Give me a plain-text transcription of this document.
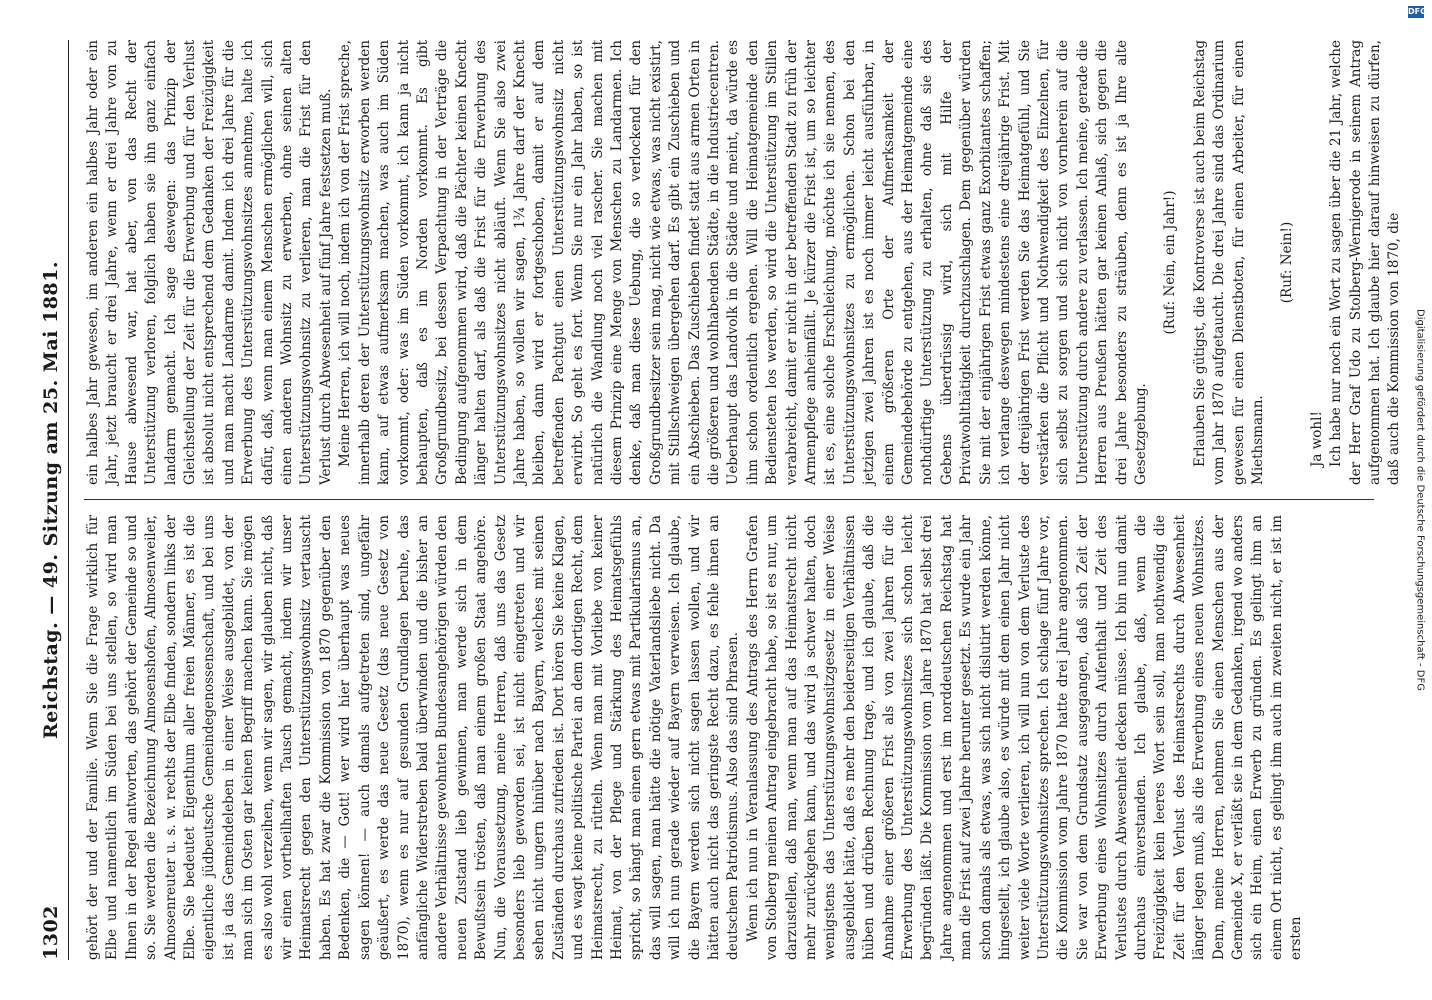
1302
Reichstag. — 49. Sitzung am 25. Mai 1881. gehört der und der Familie. Wenn Sie die Frage wirklich für Elbe und namentlich im Süden bei uns stellen, so wird man Ihnen in der Regel antworten, das gehört der Gemeinde so und so. Sie werden die Bezeichnung Almosenshofen, Almosenweiler, Almosenreuter u. s. w. rechts der Elbe finden, sondern links der Elbe. Sie bedeutet Eigenthum aller freien Männer, es ist die eigentliche jüdbeutsche Gemeindegenossenschaft, und bei uns ist ja das Gemeindeleben in einer Weise ausgebildet, von der man sich im Osten gar keinen Begriff machen kann. Sie mögen es also wohl verzeihen, wenn wir sagen, wir glauben nicht, daß wir einen vortheilhaften Tausch gemacht, indem wir unser Heimatsrecht gegen den Unterstützungswohnsitz vertauscht haben. Es hat zwar die Kommission von 1870 gegenüber den Bedenken, die — Gott! wer wird hier überhaupt was neues sagen können! — auch damals aufgetreten sind, ungefähr geäußert, es werde das neue Gesetz (das neue Gesetz von 1870), wenn es nur auf gesunden Grundlagen beruhe, das anfängliche Widerstreben bald überwinden und die bisher an andere Verhältnisse gewohnten Bundesangehörigen würden den neuen Zustand lieb gewinnen, man werde sich in dem Bewußtsein trösten, daß man einem großen Staat angehöre. Nun, die Voraussetzung, meine Herren, daß uns das Gesetz besonders lieb geworden sei, ist nicht eingetreten und wir sehen nicht ungern hinüber nach Bayern, welches mit seinen Zuständen durchaus zufrieden ist. Dort hören Sie keine Klagen, und es wagt keine politische Partei an dem dortigen Recht, dem Heimatsrecht, zu rütteln. Wenn man mit Vorliebe von keiner Heimat, von der Pflege und Stärkung des Heimatsgefühls spricht, so hängt man einen gern etwas mit Partikularismus an, das will sagen, man hätte die nötige Vaterlandsliebe nicht. Da will ich nun gerade wieder auf Bayern verweisen. Ich glaube, die Bayern werden sich nicht sagen lassen wollen, und wir hätten auch nicht das geringste Recht dazu, es fehle ihnen an deutschem Patriotismus. Also das sind Phrasen. Wenn ich nun in Veranlassung des Antrags des Herrn Grafen von Stolberg meinen Antrag eingebracht habe, so ist es nur, um darzustellen, daß man, wenn man auf das Heimatsrecht nicht mehr zurückgehen kann, und das wird ja schwer halten, doch wenigstens das Unterstützungswohnsitzgesetz in einer Weise ausgebildet hätte, daß es mehr den beiderseitigen Verhältnissen hüben und drüben Rechnung trage, und ich glaube, daß die Annahme einer größeren Frist als von zwei Jahren für die Erwerbung des Unterstützungswohnsitzes sich schon leicht begründen läßt. Die Kommission vom Jahre 1870 hat selbst drei Jahre angenommen und erst im norddeutschen Reichstag hat man die Frist auf zwei Jahre herunter gesetzt. Es wurde ein Jahr schon damals als etwas, was sich nicht dislutirt werden könne, hingestellt, ich glaube also, es würde mit dem einen Jahr nicht weiter viele Worte verlieren, ich will nun von dem Verluste des Unterstützungswohnsitzes sprechen. Ich schlage fünf Jahre vor, die Kommission vom Jahre 1870 hatte drei Jahre angenommen. Sie war von dem Grundsatz ausgegangen, daß sich Zeit der Erwerbung eines Wohnsitzes durch Aufenthalt und Zeit des Verlustes durch Abwesenheit decken müsse. Ich bin nun damit durchaus einverstanden. Ich glaube, daß, wenn die Freizügigkeit kein leeres Wort sein soll, man nothwendig die Zeit für den Verlust des Heimatsrechts durch Abwesenheit länger legen muß, als die Erwerbung eines neuen Wohnsitzes. Denn, meine Herren, nehmen Sie einen Menschen aus der Gemeinde X, er verläßt sie in dem Gedanken, irgend wo anders sich ein Heim, einen Erwerb zu gründen. Es gelingt ihm an einem Ort nicht, es gelingt ihm auch im zweiten nicht, er ist im ersten

ein halbes Jahr gewesen, im anderen ein halbes Jahr oder ein Jahr, jetzt braucht er drei Jahre, wenn er drei Jahre von zu Hause abwesend war, hat aber, von das Recht der Unterstützung verloren, folglich haben sie ihn ganz einfach landarm gemacht. Ich sage deswegen: das Prinzip der Gleichstellung der Zeit für die Erwerbung und für den Verlust ist absolut nicht entsprechend dem Gedanken der Freizügigkeit und man macht Landarme damit. Indem ich drei Jahre für die Erwerbung des Unterstützungswohnsitzes annehme, halte ich dafür, daß, wenn man einem Menschen ermöglichen will, sich einen anderen Wohnsitz zu erwerben, ohne seinen alten Unterstützungswohnsitz zu verlieren, man die Frist für den Verlust durch Abwesenheit auf fünf Jahre festsetzen muß. Meine Herren, ich will noch, indem ich von der Frist spreche, innerhalb deren der Unterstützungswohnsitz erworben werden kann, auf etwas aufmerksam machen, was auch im Süden vorkommt, oder: was im Süden vorkommt, ich kann ja nicht behaupten, daß es im Norden vorkommt. Es gibt Großgrundbesitz, bei dessen Verpachtung in der Verträge die Bedingung aufgenommen wird, daß die Pächter keinen Knecht länger halten darf, als daß die Frist für die Erwerbung des Unterstützungswohnsitzes nicht abläuft. Wenn Sie also zwei Jahre haben, so wollen wir sagen, 1¾ Jahre darf der Knecht bleiben, dann wird er fortgeschoben, damit er auf dem betreffenden Pachtgut einen Unterstützungswohnsitz nicht erwirbt. So geht es fort. Wenn Sie nur ein Jahr haben, so ist natürlich die Wandlung noch viel rascher. Sie machen mit diesem Prinzip eine Menge von Menschen zu Landarmen. Ich denke, daß man diese Uebung, die so verlockend für den Großgrundbesitzer sein mag, nicht wie etwas, was nicht existirt, mit Stillschweigen übergehen darf. Es gibt ein Zuschieben und ein Abschieben. Das Zuschieben findet statt aus armen Orten in die größeren und wohlhabenden Städte, in die Industriecentren. Ueberhaupt das Landvolk in die Städte und meint, da würde es ihm schon ordentlich ergehen. Will die Heimatgemeinde den Bediensteten los werden, so wird die Unterstützung im Stillen verabreicht, damit er nicht in der betreffenden Stadt zu früh der Armenpflege anheimfällt. Je kürzer die Frist ist, um so leichter ist es, eine solche Erschleichung, möchte ich sie nennen, des Unterstützungswohnsitzes zu ermöglichen. Schon bei den jetzigen zwei Jahren ist es noch immer leicht ausführbar, in einem größeren Orte der Aufmerksamkeit der Gemeindebehörde zu entgehen, aus der Heimatgemeinde eine nothdürftige Unterstützung zu erhalten, ohne daß sie des Gebens überdrüssig wird, sich mit Hilfe der Privatwohlthätigkeit durchzuschlagen. Dem gegenüber würden Sie mit der einjährigen Frist etwas ganz Exorbitantes schaffen; ich verlange deswegen mindestens eine dreijährige Frist. Mit der dreijährigen Frist werden Sie das Heimatgefühl, und Sie verstärken die Pflicht und Nothwendigkeit des Einzelnen, für sich selbst zu sorgen und sich nicht von vornherein auf die Unterstützung durch andere zu verlassen. Ich meine, gerade die Herren aus Preußen hätten gar keinen Anlaß, sich gegen die drei Jahre besonders zu sträuben, denn es ist ja Ihre alte Gesetzgebung.

(Ruf: Nein, ein Jahr!) Erlauben Sie gütigst, die Kontroverse ist auch beim Reichstag vom Jahr 1870 aufgetaucht. Die drei Jahre sind das Ordinarium gewesen für einen Dienstboten, für einen Arbeiter, für einen Miethsmann.

(Ruf: Nein!)

Ja wohl! Ich habe nur noch ein Wort zu sagen über die 21 Jahr, welche der Herr Graf Udo zu Stolberg-Wernigerode in seinem Antrag aufgenommen hat. Ich glaube hier darauf hinweisen zu dürfen, daß auch die Kommission von 1870, die

DFG
Digitalisierung gefördert durch die Deutsche Forschungsgemeinschaft - DFG
